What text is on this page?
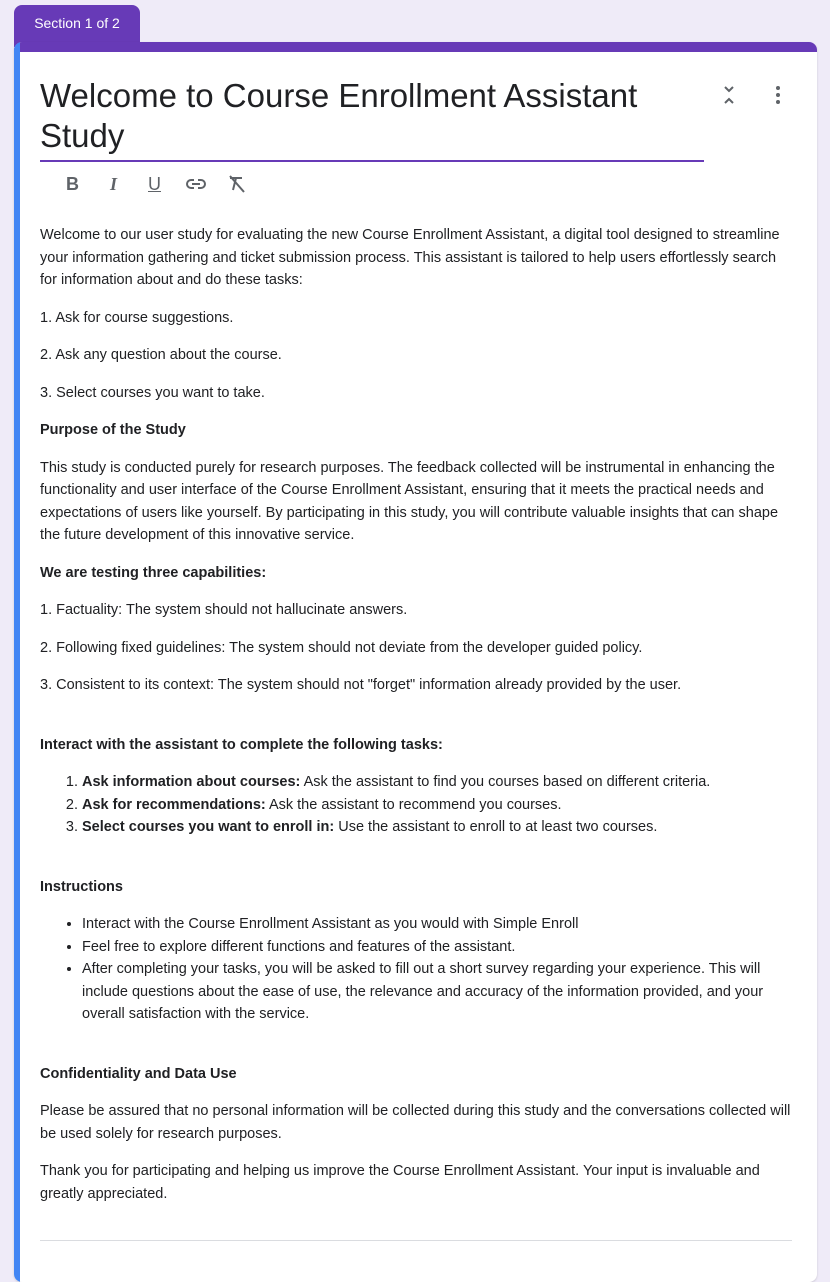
Section 1 of 2
Welcome to Course Enrollment Assistant Study
B	I	U

Welcome to our user study for evaluating the new Course Enrollment Assistant, a digital tool designed to streamline your information gathering and ticket submission process. This assistant is tailored to help users effortlessly search for information about and do these tasks:

1. Ask for course suggestions.

2. Ask any question about the course.

3. Select courses you want to take.

Purpose of the Study

This study is conducted purely for research purposes. The feedback collected will be instrumental in enhancing the functionality and user interface of the Course Enrollment Assistant, ensuring that it meets the practical needs and expectations of users like yourself. By participating in this study, you will contribute valuable insights that can shape the future development of this innovative service.

We are testing three capabilities:

1. Factuality: The system should not hallucinate answers.

2. Following fixed guidelines: The system should not deviate from the developer guided policy.

3. Consistent to its context: The system should not "forget" information already provided by the user.

Interact with the assistant to complete the following tasks:

1. Ask information about courses: Ask the assistant to find you courses based on different criteria.
2. Ask for recommendations: Ask the assistant to recommend you courses.
3. Select courses you want to enroll in: Use the assistant to enroll to at least two courses.

Instructions

• Interact with the Course Enrollment Assistant as you would with Simple Enroll
• Feel free to explore different functions and features of the assistant.
• After completing your tasks, you will be asked to fill out a short survey regarding your experience. This will include questions about the ease of use, the relevance and accuracy of the information provided, and your overall satisfaction with the service.

Confidentiality and Data Use

Please be assured that no personal information will be collected during this study and the conversations collected will be used solely for research purposes.

Thank you for participating and helping us improve the Course Enrollment Assistant. Your input is invaluable and greatly appreciated.
